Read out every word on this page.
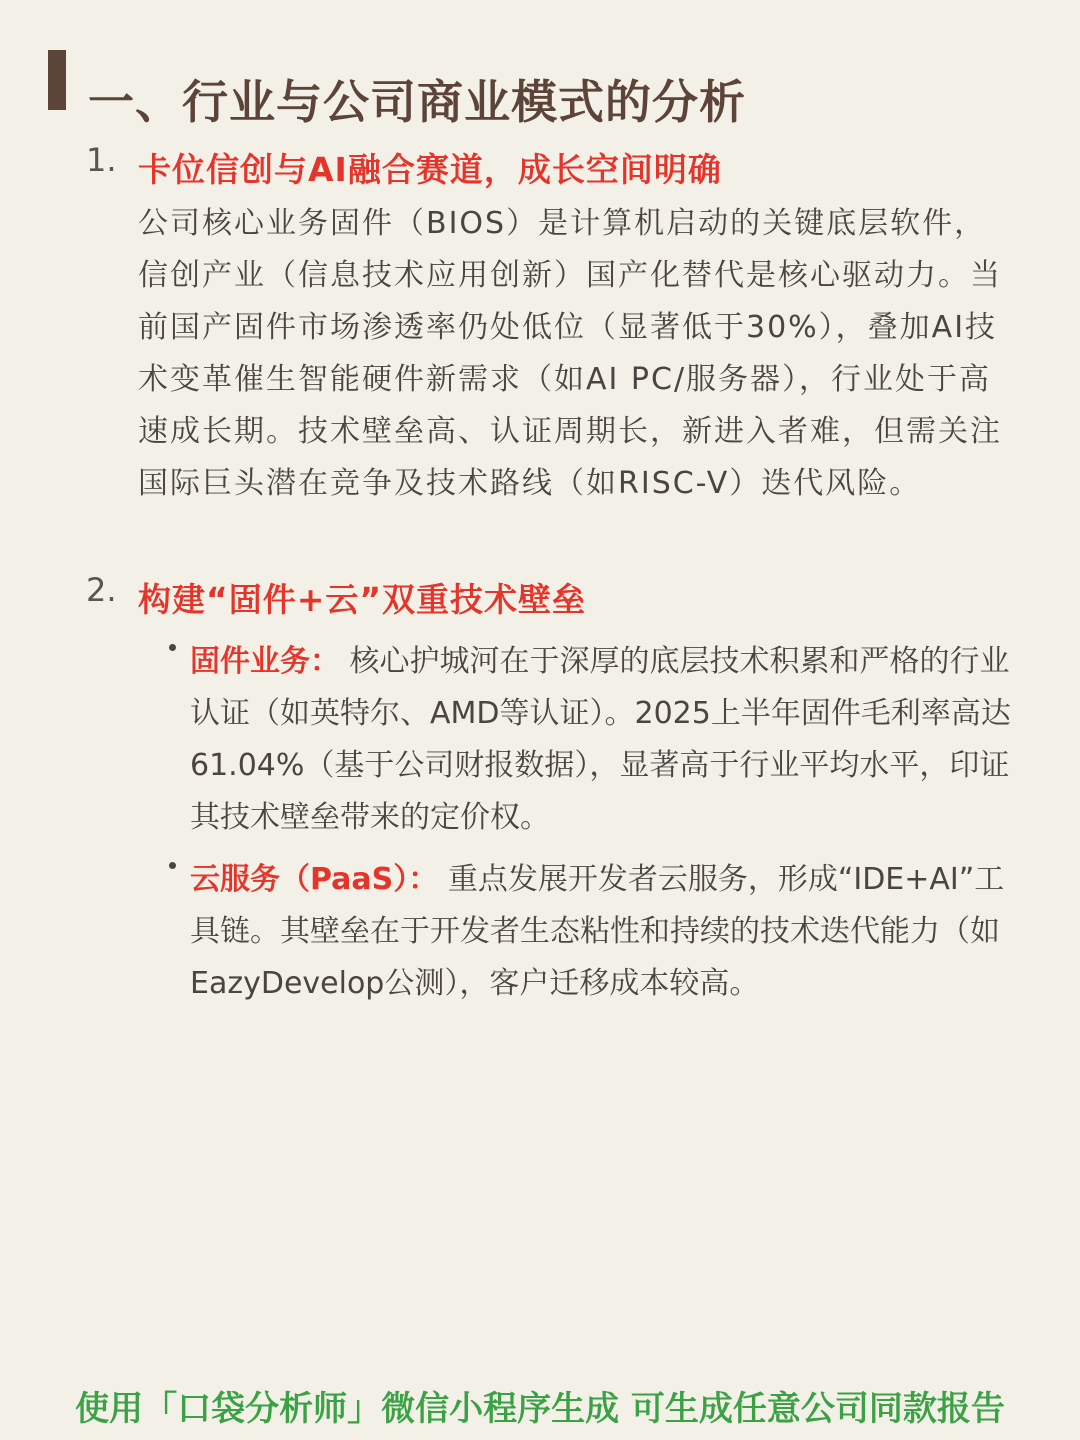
一、行业与公司商业模式的分析
1. 卡位信创与AI融合赛道，成长空间明确

公司核心业务固件（BIOS）是计算机启动的关键底层软件，信创产业（信息技术应用创新）国产化替代是核心驱动力。当前国产固件市场渗透率仍处低位（显著低于30%），叠加AI技术变革催生智能硬件新需求（如AI PC/服务器），行业处于高速成长期。技术壁垒高、认证周期长，新进入者难，但需关注国际巨头潜在竞争及技术路线（如RISC-V）迭代风险。

2. 构建“固件+云”双重技术壁垒

固件业务： 核心护城河在于深厚的底层技术积累和严格的行业认证（如英特尔、AMD等认证）。2025上半年固件毛利率高达61.04%（基于公司财报数据），显著高于行业平均水平，印证其技术壁垒带来的定价权。

云服务（PaaS）： 重点发展开发者云服务，形成“IDE+AI”工具链。其壁垒在于开发者生态粘性和持续的技术迭代能力（如EazyDevelop公测），客户迁移成本较高。

使用「口袋分析师」微信小程序生成 可生成任意公司同款报告
